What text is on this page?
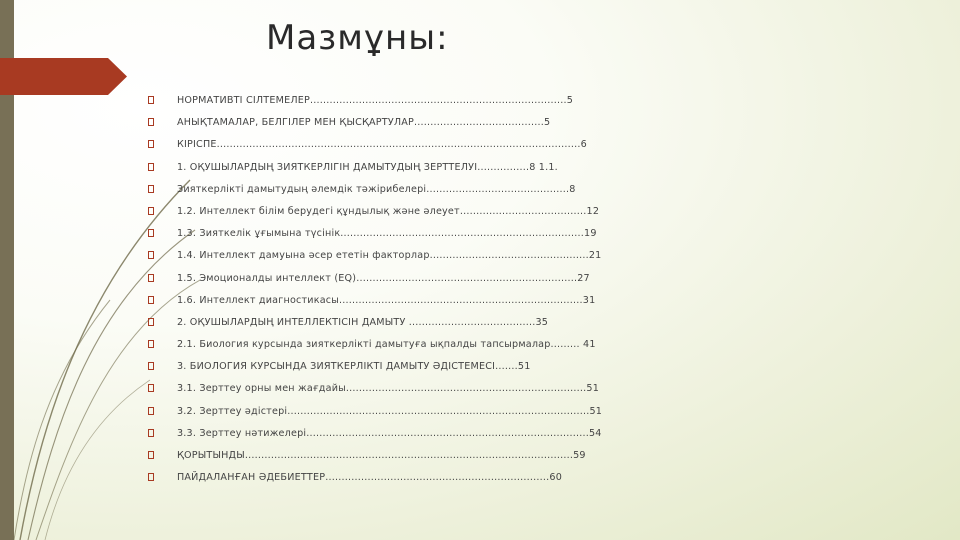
Мазмұны:
НОРМАТИВТІ СІЛТЕМЕЛЕР...............................................................................5
АНЫҚТАМАЛАР, БЕЛГІЛЕР МЕН ҚЫСҚАРТУЛАР........................................5
КІРІСПЕ................................................................................................................6
1. ОҚУШЫЛАРДЫҢ ЗИЯТКЕРЛІГІН ДАМЫТУДЫҢ ЗЕРТТЕЛУІ................8 1.1.
Зияткерлікті дамытудың әлемдік тәжірибелері............................................8
1.2. Интеллект білім берудегі құндылық және әлеует.......................................12
1.3. Зияткелік ұғымына түсінік...........................................................................19
1.4. Интеллект дамуына әсер ететін факторлар.................................................21
1.5. Эмоционалды интеллект (EQ)....................................................................27
1.6. Интеллект диагностикасы...........................................................................31
2. ОҚУШЫЛАРДЫҢ ИНТЕЛЛЕКТІСІН ДАМЫТУ .......................................35
2.1. Биология курсында зияткерлікті дамытуға ықпалды тапсырмалар......... 41
3. БИОЛОГИЯ КУРСЫНДА ЗИЯТКЕРЛІКТІ ДАМЫТУ ӘДІСТЕМЕСІ.......51
3.1. Зерттеу орны мен жағдайы..........................................................................51
3.2. Зерттеу әдістері.............................................................................................51
3.3. Зерттеу нәтижелері.......................................................................................54
ҚОРЫТЫНДЫ.....................................................................................................59
ПАЙДАЛАНҒАН ӘДЕБИЕТТЕР.....................................................................60
